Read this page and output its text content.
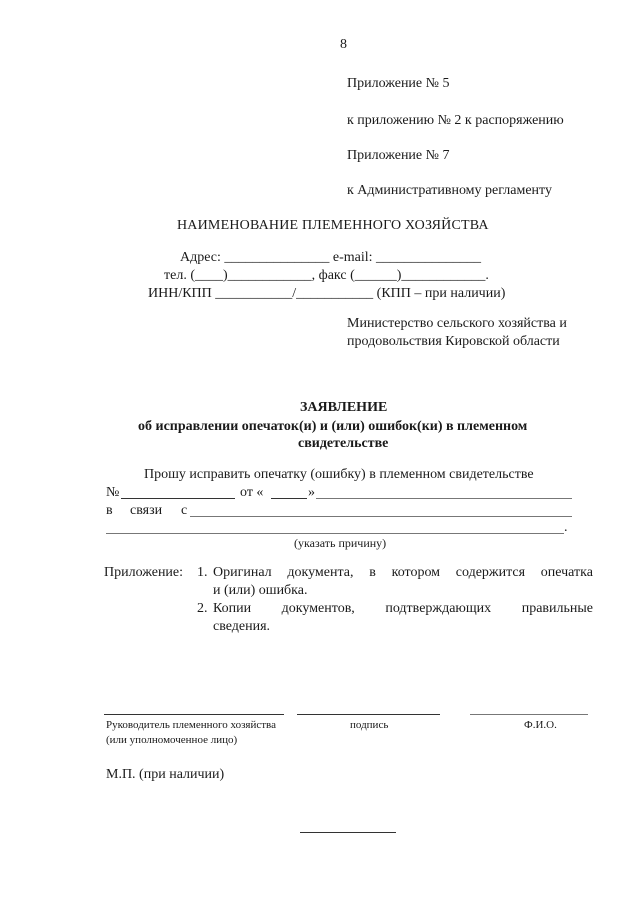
8
Приложение № 5
к приложению № 2 к распоряжению
Приложение № 7
к Административному регламенту
НАИМЕНОВАНИЕ ПЛЕМЕННОГО ХОЗЯЙСТВА
Адрес: _______________ e-mail: _______________
тел. (____)____________, факс (______)____________.
ИНН/КПП ___________/___________ (КПП – при наличии)
Министерство сельского хозяйства и
продовольствия Кировской области
ЗАЯВЛЕНИЕ
об исправлении опечаток(и) и (или) ошибок(ки) в племенном
свидетельстве
Прошу исправить опечатку (ошибку) в племенном свидетельстве
№	от «	»
в связи с
.
(указать причину)
Приложение: 1. Оригинал документа, в котором содержится опечатка
и (или) ошибка.
2. Копии документов, подтверждающих правильные
сведения.
Руководитель племенного хозяйства
(или уполномоченное лицо)
подпись	Ф.И.О.
М.П. (при наличии)
